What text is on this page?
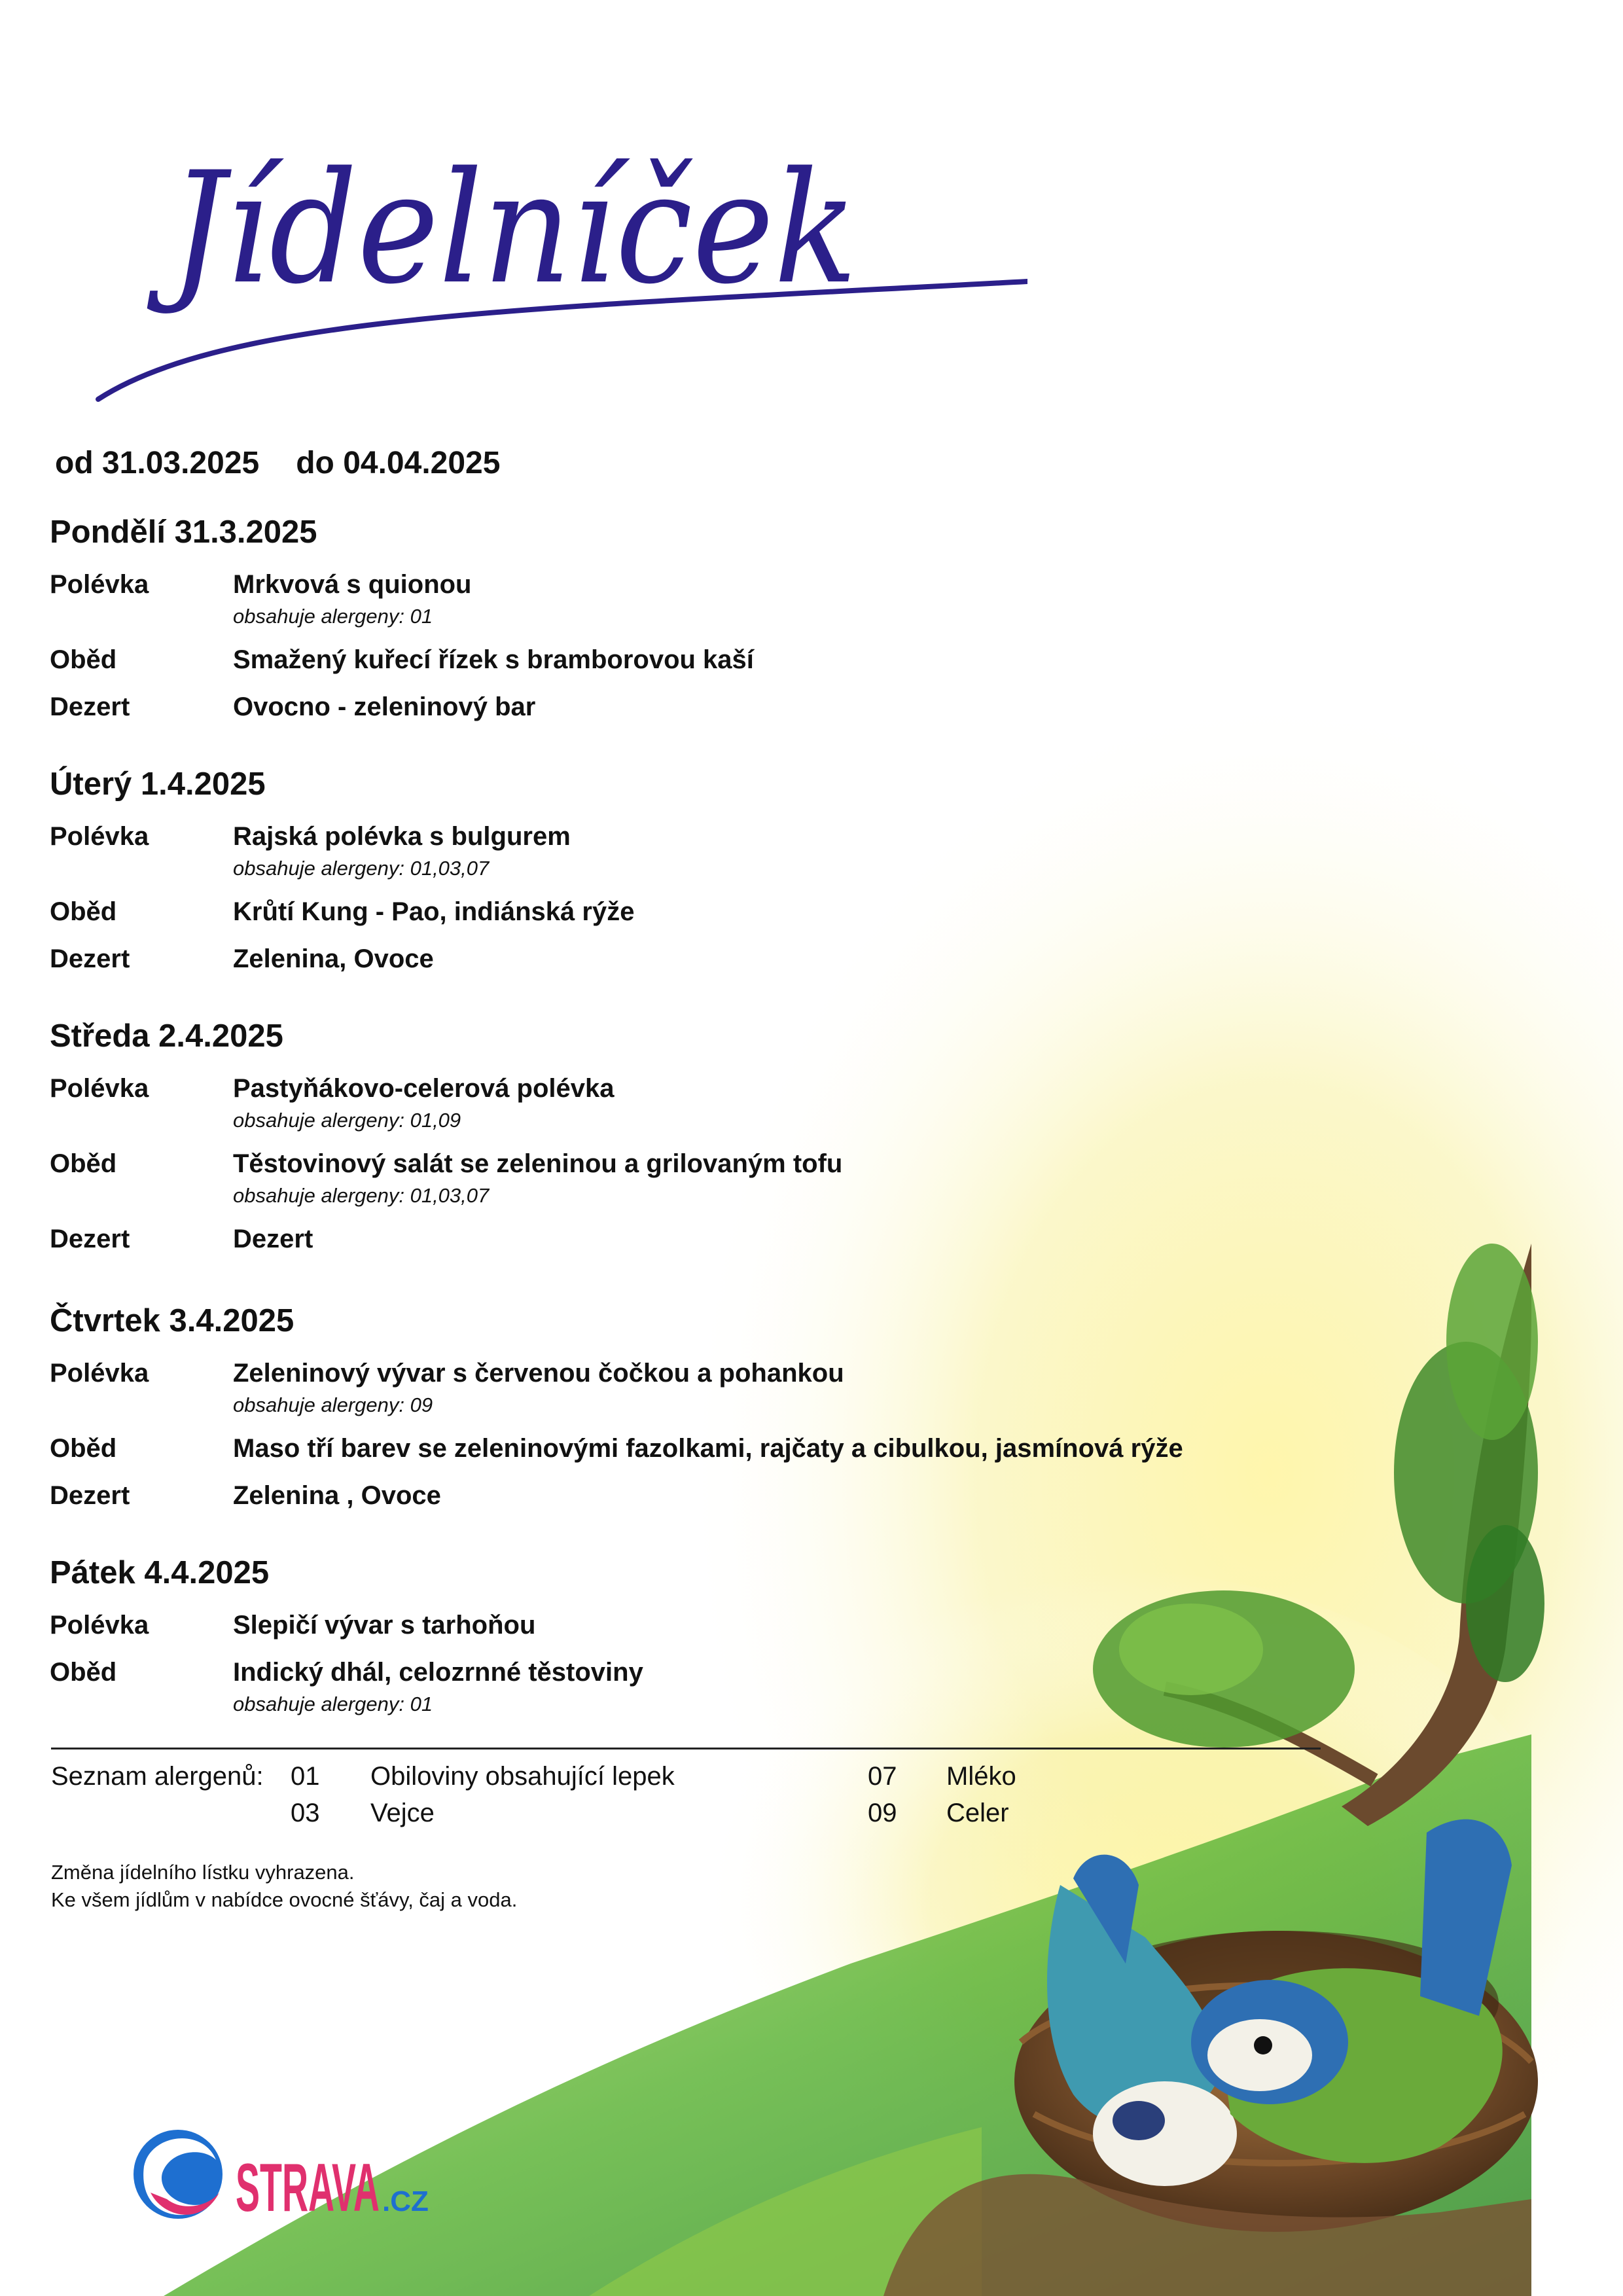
Jídelníček
od 31.03.2025 do 04.04.2025
Pondělí 31.3.2025
Polévka	Mrkvová s quionou
obsahuje alergeny: 01
Oběd	Smažený kuřecí řízek s bramborovou kaší
Dezert	Ovocno - zeleninový bar
Úterý 1.4.2025
Polévka	Rajská polévka s bulgurem
obsahuje alergeny: 01,03,07
Oběd	Krůtí Kung - Pao, indiánská rýže
Dezert	Zelenina, Ovoce
Středa 2.4.2025
Polévka	Pastyňákovo-celerová polévka
obsahuje alergeny: 01,09
Oběd	Těstovinový salát se zeleninou a grilovaným tofu
obsahuje alergeny: 01,03,07
Dezert	Dezert
Čtvrtek 3.4.2025
Polévka	Zeleninový vývar s červenou čočkou a pohankou
obsahuje alergeny: 09
Oběd	Maso tří barev se zeleninovými fazolkami, rajčaty a cibulkou, jasmínová rýže
Dezert	Zelenina , Ovoce
Pátek 4.4.2025
Polévka	Slepičí vývar s tarhoňou
Oběd	Indický dhál, celozrnné těstoviny
obsahuje alergeny: 01
Seznam alergenů: 01 Obiloviny obsahující lepek	07 Mléko
03 Vejce	09 Celer
Změna jídelního lístku vyhrazena.
Ke všem jídlům v nabídce ovocné šťávy, čaj a voda.
STRAVA .CZ
